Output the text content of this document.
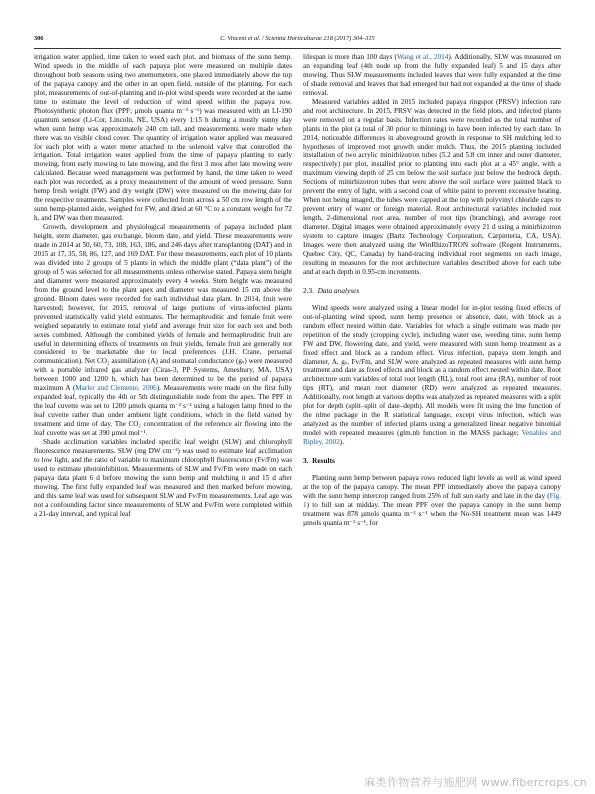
306	C. Vincent et al. / Scientia Horticulturae 218 (2017) 304–315

irrigation water applied, time taken to weed each plot, and biomass of the sunn hemp. Wind speeds in the middle of each papaya plot were measured on multiple dates throughout both seasons using two anemometers, one placed immediately above the top of the papaya canopy and the other in an open field, outside of the planting. For each plot, measurements of out-of-planting and in-plot wind speeds were recorded at the same time to estimate the level of reduction of wind speed within the papaya row. Photosynthetic photon flux (PPF; µmols quanta m⁻² s⁻¹) was measured with an LI-190 quantum sensor (Li-Cor, Lincoln, NE, USA) every 1:15 h during a mostly sunny day when sunn hemp was approximately 240 cm tall, and measurements were made when there was no visible cloud cover. The quantity of irrigation water applied was measured for each plot with a water meter attached to the solenoid valve that controlled the irrigation. Total irrigation water applied from the time of papaya planting to early mowing, from early mowing to late mowing, and the first 3 mos after late mowing were calculated. Because weed management was performed by hand, the time taken to weed each plot was recorded, as a proxy measurement of the amount of weed pressure. Sunn hemp fresh weight (FW) and dry weight (DW) were measured on the mowing date for the respective treatments. Samples were collected from across a 50 cm row length of the sunn hemp-planted aisle, weighed for FW, and dried at 60 °C to a constant weight for 72 h, and DW was then measured.

Growth, development and physiological measurements of papaya included plant height, stem diameter, gas exchange, bloom date, and yield. These measurements were made in 2014 at 50, 60, 73, 108, 163, 186, and 246 days after transplanting (DAT) and in 2015 at 17, 35, 58, 86, 127, and 169 DAT. For these measurements, each plot of 10 plants was divided into 2 groups of 5 plants in which the middle plant (“data plant”) of the group of 5 was selected for all measurements unless otherwise stated. Papaya stem height and diameter were measured approximately every 4 weeks. Stem height was measured from the ground level to the plant apex and diameter was measured 15 cm above the ground. Bloom dates were recorded for each individual data plant. In 2014, fruit were harvested; however, for 2015, removal of large portions of virus-infected plants prevented statistically valid yield estimates. The hermaphroditic and female fruit were weighed separately to estimate total yield and average fruit size for each sex and both sexes combined. Although the combined yields of female and hermaphroditic fruit are useful in determining effects of treatments on fruit yields, female fruit are generally not considered to be marketable due to local preferences (J.H. Crane, personal communication). Net CO₂ assimilation (A) and stomatal conductance (gₛ) were measured with a portable infrared gas analyzer (Ciras-3, PP Systems, Amesbury, MA, USA) between 1000 and 1200 h, which has been determined to be the period of papaya maximum A (Marler and Clemente, 2006). Measurements were made on the first fully expanded leaf, typically the 4th or 5th distinguishable node from the apex. The PPF in the leaf cuvette was set to 1200 µmols quanta m⁻² s⁻¹ using a halogen lamp fitted to the leaf cuvette rather than under ambient light conditions, which in the field varied by treatment and time of day. The CO₂ concentration of the reference air flowing into the leaf cuvette was set at 390 µmol mol⁻¹.

Shade acclimation variables included specific leaf weight (SLW) and chlorophyll fluorescence measurements. SLW (mg DW cm⁻²) was used to estimate leaf acclimation to low light, and the ratio of variable to maximum chlorophyll fluorescence (Fv/Fm) was used to estimate photoinhibition. Measurements of SLW and Fv/Fm were made on each papaya data plant 6 d before mowing the sunn hemp and mulching it and 15 d after mowing. The first fully expanded leaf was measured and then marked before mowing, and this same leaf was used for subsequent SLW and Fv/Fm measurements. Leaf age was not a confounding factor since measurements of SLW and Fv/Fm were completed within a 21-day interval, and typical leaf

lifespan is more than 100 days (Wang et al., 2014). Additionally, SLW was measured on an expanding leaf (4th node up from the fully expanded leaf) 5 and 15 days after mowing. Thus SLW measurements included leaves that were fully expanded at the time of shade removal and leaves that had emerged but had not expanded at the time of shade removal.

Measured variables added in 2015 included papaya ringspot (PRSV) infection rate and root architecture. In 2015, PRSV was detected in the field plots, and infected plants were removed on a regular basis. Infection rates were recorded as the total number of plants in the plot (a total of 30 prior to thinning) to have been infected by each date. In 2014, noticeable differences in aboveground growth in response to SH mulching led to hypotheses of improved root growth under mulch. Thus, the 2015 planting included installation of two acrylic minirhizotron tubes (5.2 and 5.8 cm inner and outer diameter, respectively) per plot, installed prior to planting into each plot at a 45° angle, with a maximum viewing depth of 25 cm below the soil surface just below the bedrock depth. Sections of minirhizotron tubes that were above the soil surface were painted black to prevent the entry of light, with a second coat of white paint to prevent excessive heating. When not being imaged, the tubes were capped at the top with polyvinyl chloride caps to prevent entry of water or foreign material. Root architectural variables included root length, 2-dimensional root area, number of root tips (branching), and average root diameter. Digital images were obtained approximately every 21 d using a minirhizotron system to capture images (Bartz Technology Corporation, Carpinteria, CA, USA). Images were then analyzed using the WinRhizoTRON software (Regent Instruments, Quebec City, QC, Canada) by hand-tracing individual root segments on each image, resulting in measures for the root architecture variables described above for each tube and at each depth in 0.95-cm increments.

2.3. Data analyses

Wind speeds were analyzed using a linear model for in-plot testing fixed effects of out-of-planting wind speed, sunn hemp presence or absence, date, with block as a random effect nested within date. Variables for which a single estimate was made per repetition of the study (cropping cycle), including water use, weeding time, sunn hemp FW and DW, flowering date, and yield, were measured with sunn hemp treatment as a fixed effect and block as a random effect. Virus infection, papaya stem length and diameter, A, gₛ, Fv/Fm, and SLW were analyzed as repeated measures with sunn hemp treatment and date as fixed effects and block as a random effect nested within date. Root architecture sum variables of total root length (RL), total root area (RA), number of root tips (RT), and mean root diameter (RD) were analyzed as repeated measures. Additionally, root length at various depths was analyzed as repeated measures with a split plot for depth (split–split of date–depth). All models were fit using the lme function of the nlme package in the R statistical language, except virus infection, which was analyzed as the number of infected plants using a generalized linear negative binomial model with repeated measures (glm.nb function in the MASS package; Venables and Ripley, 2002).

3. Results

Planting sunn hemp between papaya rows reduced light levels as well as wind speed at the top of the papaya canopy. The mean PPF immediately above the papaya canopy with the sunn hemp intercrop ranged from 25% of full sun early and late in the day (Fig. 1) to full sun at midday. The mean PPF over the papaya canopy in the sunn hemp treatment was 878 µmols quanta m⁻² s⁻¹ when the No-SH treatment mean was 1449 µmols quanta m⁻² s⁻¹, for

麻类作物营养与施肥网 www.fibercrops.cn
